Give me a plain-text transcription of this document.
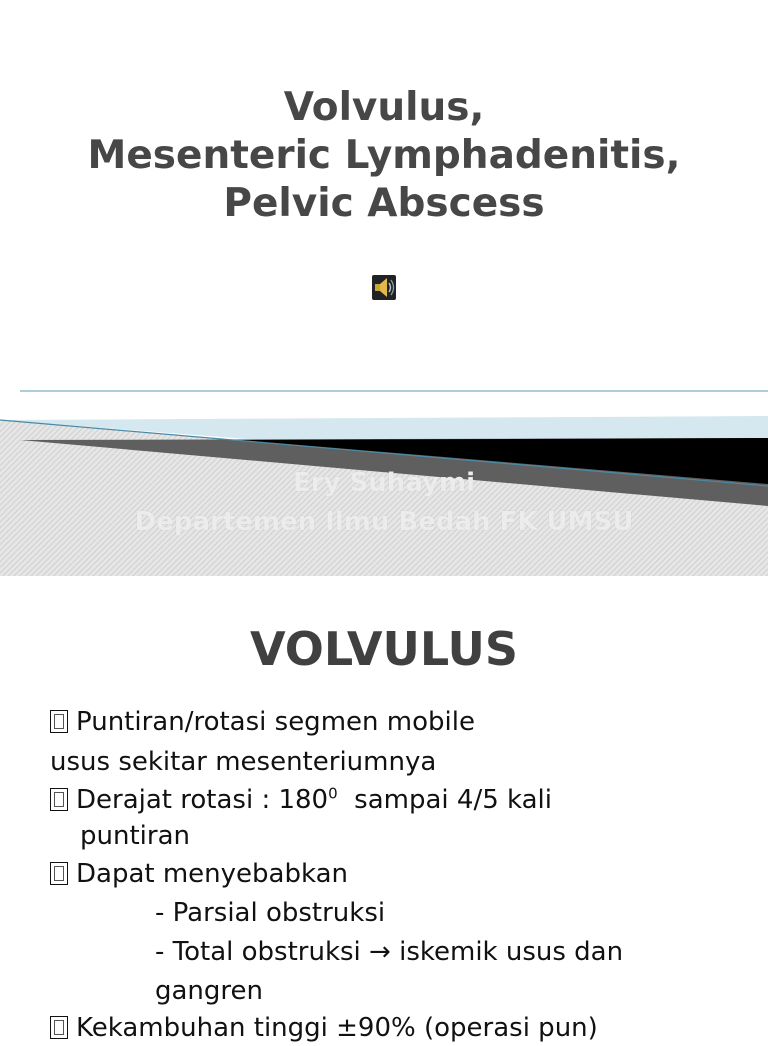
Volvulus,
Mesenteric Lymphadenitis,
Pelvic Abscess
Ery Suhaymi
Departemen Ilmu Bedah FK UMSU
VOLVULUS
Puntiran/rotasi segmen mobile
usus sekitar mesenteriumnya
Derajat rotasi : $180^0$  sampai 4/5 kali
puntiran
Dapat menyebabkan
- Parsial obstruksi
- Total obstruksi → iskemik usus dan
gangren
Kekambuhan tinggi ±90% (operasi pun)
